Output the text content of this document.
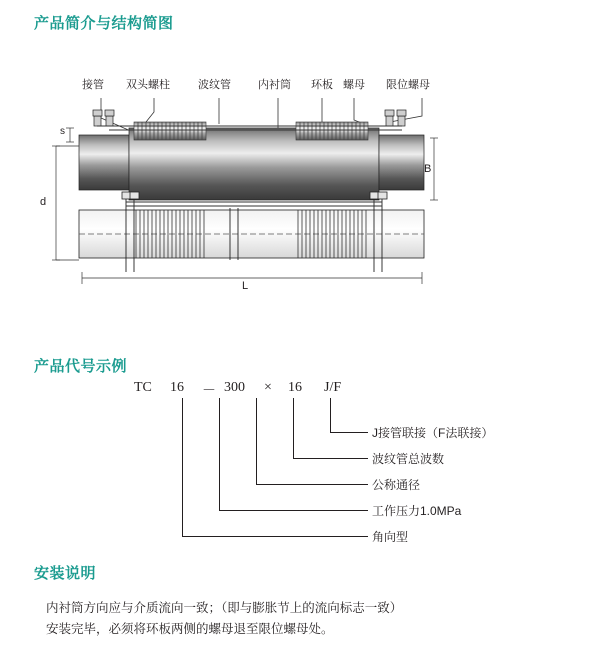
产品简介与结构简图
接管 双头螺柱	波纹管 内衬筒 环板 螺母 限位螺母
s
d
B
L
产品代号示例
TC 16 － 300 × 16 J/F
J接管联接（F法联接）
波纹管总波数
公称通径
工作压力1.0MPa
角向型
安装说明
内衬筒方向应与介质流向一致；（即与膨胀节上的流向标志一致）
安装完毕，必须将环板两侧的螺母退至限位螺母处。
